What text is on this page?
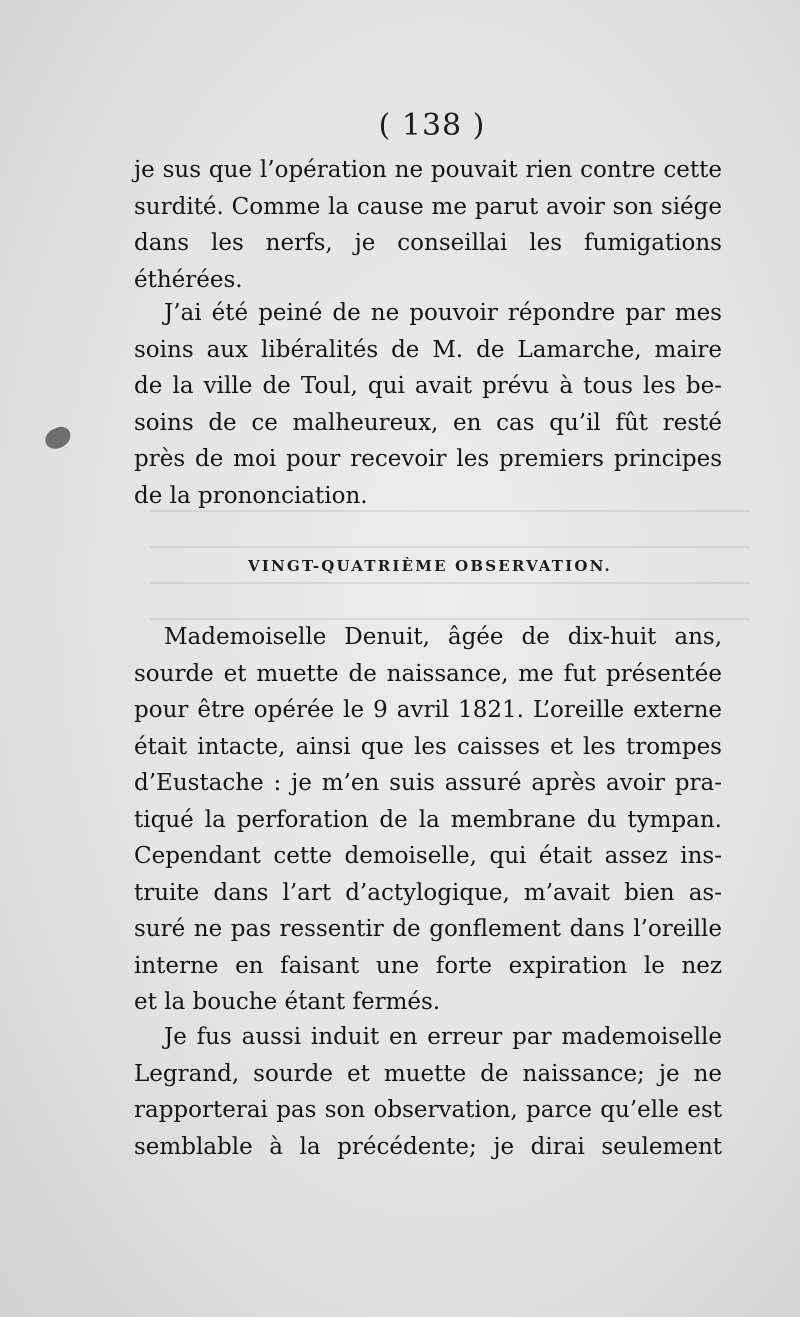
( 138 )
je sus que l’opération ne pouvait rien contre cette
surdité. Comme la cause me parut avoir son siége
dans les nerfs, je conseillai les fumigations
éthérées.
J’ai été peiné de ne pouvoir répondre par mes
soins aux libéralités de M. de Lamarche, maire
de la ville de Toul, qui avait prévu à tous les be-
soins de ce malheureux, en cas qu’il fût resté
près de moi pour recevoir les premiers principes
de la prononciation.
VINGT-QUATRIÈME OBSERVATION.
Mademoiselle Denuit, âgée de dix-huit ans,
sourde et muette de naissance, me fut présentée
pour être opérée le 9 avril 1821. L’oreille externe
était intacte, ainsi que les caisses et les trompes
d’Eustache : je m’en suis assuré après avoir pra-
tiqué la perforation de la membrane du tympan.
Cependant cette demoiselle, qui était assez ins-
truite dans l’art d’actylogique, m’avait bien as-
suré ne pas ressentir de gonflement dans l’oreille
interne en faisant une forte expiration le nez
et la bouche étant fermés.
Je fus aussi induit en erreur par mademoiselle
Legrand, sourde et muette de naissance; je ne
rapporterai pas son observation, parce qu’elle est
semblable à la précédente; je dirai seulement
